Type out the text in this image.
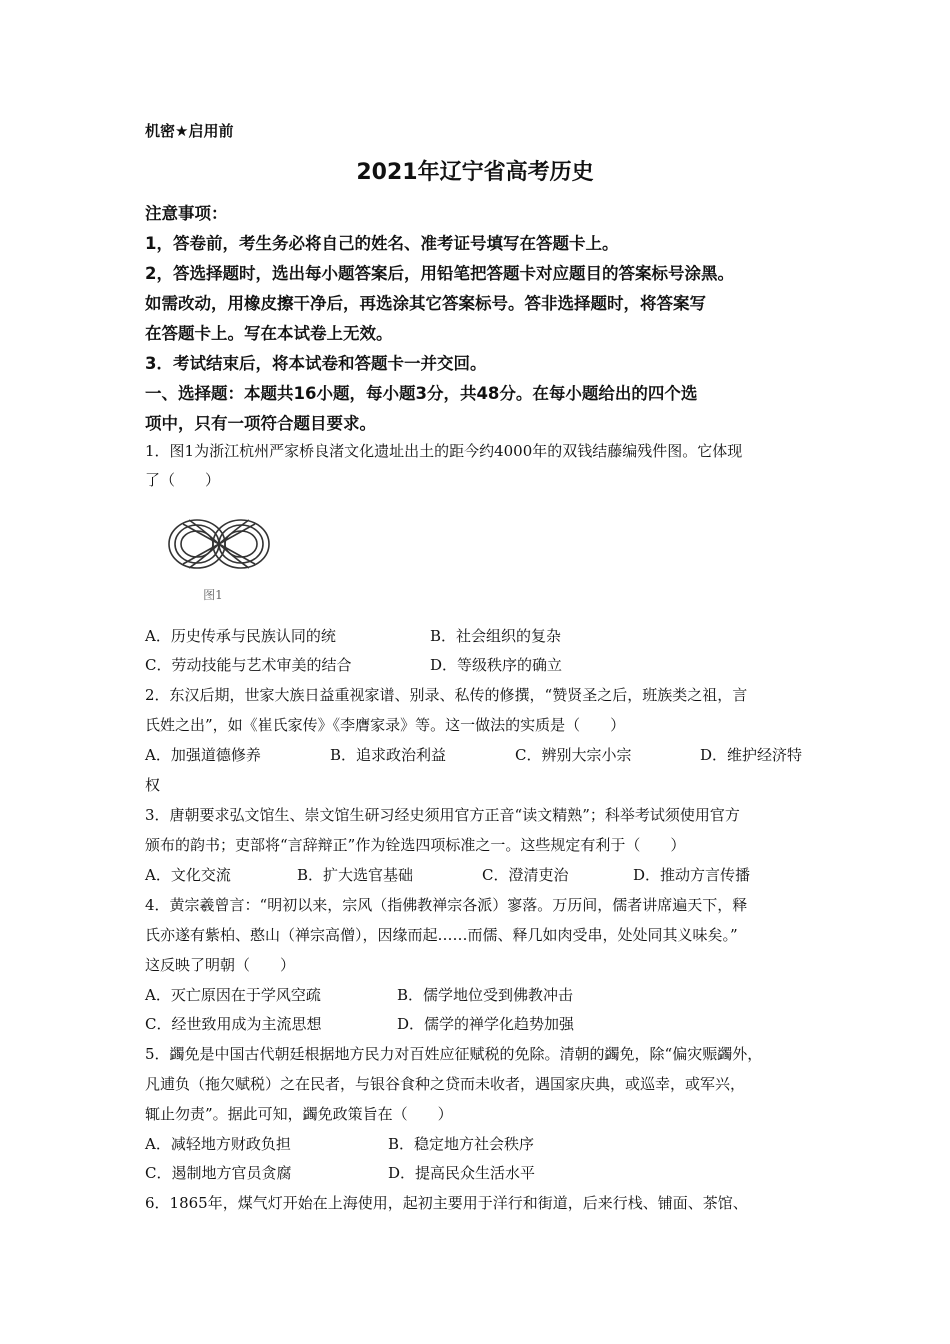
机密★启用前
2021年辽宁省高考历史
注意事项：
1，答卷前，考生务必将自己的姓名、准考证号填写在答题卡上。
2，答选择题时，选出每小题答案后，用铅笔把答题卡对应题目的答案标号涂黑。
如需改动，用橡皮擦干净后，再选涂其它答案标号。答非选择题时，将答案写
在答题卡上。写在本试卷上无效。
3．考试结束后，将本试卷和答题卡一并交回。
一、选择题：本题共16小题，每小题3分，共48分。在每小题给出的四个选
项中，只有一项符合题目要求。
1．图1为浙江杭州严家桥良渚文化遗址出土的距今约4000年的双钱结藤编残件图。它体现
了（　　）
图1
A．历史传承与民族认同的统	B．社会组织的复杂
C．劳动技能与艺术审美的结合	D．等级秩序的确立
2．东汉后期，世家大族日益重视家谱、别录、私传的修撰，“赞贤圣之后，班族类之祖，言
氏姓之出”，如《崔氏家传》《李膺家录》等。这一做法的实质是（　　）
A．加强道德修养	B．追求政治利益	C．辨别大宗小宗	D．维护经济特
权
3．唐朝要求弘文馆生、崇文馆生研习经史须用官方正音“读文精熟”；科举考试须使用官方
颁布的韵书；吏部将“言辞辩正”作为铨选四项标准之一。这些规定有利于（　　）
A．文化交流	B．扩大选官基础	C．澄清吏治	D．推动方言传播
4．黄宗羲曾言：“明初以来，宗风（指佛教禅宗各派）寥落。万历间，儒者讲席遍天下，释
氏亦遂有紫柏、憨山（禅宗高僧），因缘而起……而儒、释几如肉受串，处处同其义味矣。”
这反映了明朝（　　）
A．灭亡原因在于学风空疏	B．儒学地位受到佛教冲击
C．经世致用成为主流思想	D．儒学的禅学化趋势加强
5．蠲免是中国古代朝廷根据地方民力对百姓应征赋税的免除。清朝的蠲免，除“偏灾赈蠲外，
凡逋负（拖欠赋税）之在民者，与银谷食种之贷而未收者，遇国家庆典，或巡幸，或军兴，
辄止勿责”。据此可知，蠲免政策旨在（　　）
A．减轻地方财政负担	B．稳定地方社会秩序
C．遏制地方官员贪腐	D．提高民众生活水平
6．1865年，煤气灯开始在上海使用，起初主要用于洋行和街道，后来行栈、铺面、茶馆、
